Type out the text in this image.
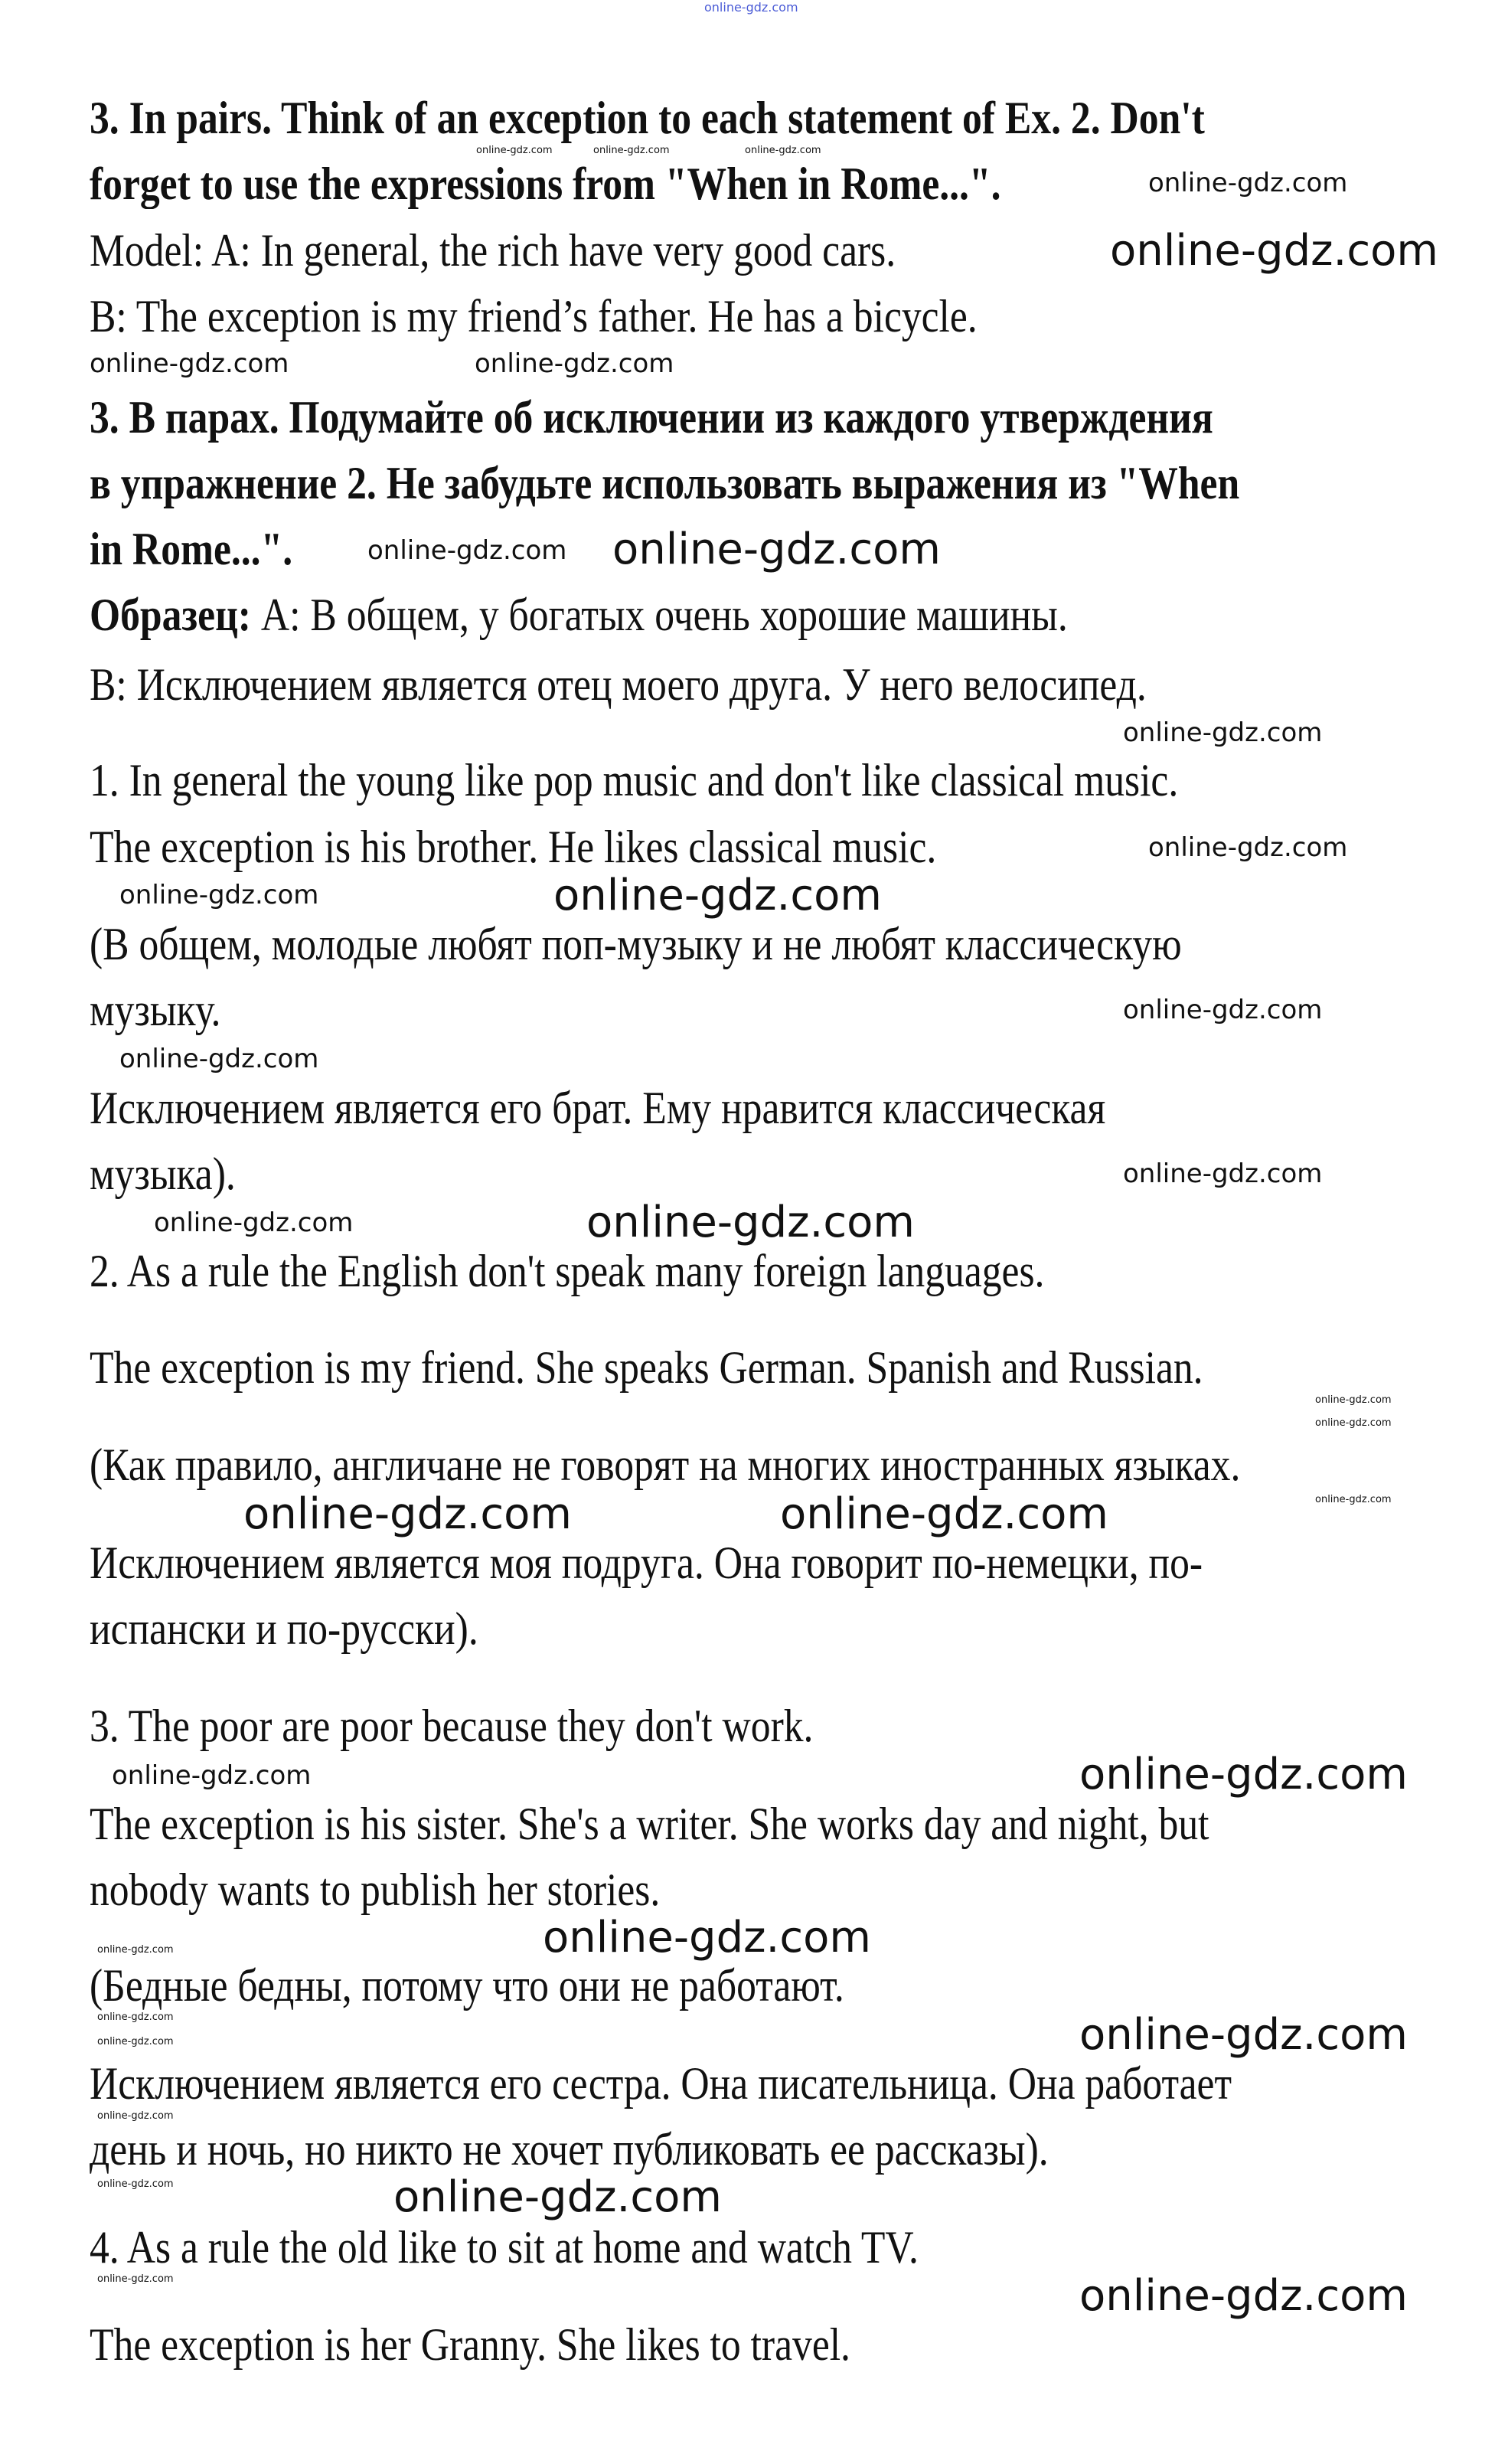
3. In pairs. Think of an exception to each statement of Ex. 2. Don't
forget to use the expressions from "When in Rome...".
Model: A: In general, the rich have very good cars.
B: The exception is my friend’s father. He has a bicycle.
3. В парах. Подумайте об исключении из каждого утверждения
в упражнение 2. Не забудьте использовать выражения из "When
in Rome...".
Образец: А: В общем, у богатых очень хорошие машины.
В: Исключением является отец моего друга. У него велосипед.
1. In general the young like pop music and don't like classical music.
The exception is his brother. He likes classical music.
(В общем, молодые любят поп-музыку и не любят классическую
музыку.
Исключением является его брат. Ему нравится классическая
музыка).
2. As a rule the English don't speak many foreign languages.
The exception is my friend. She speaks German. Spanish and Russian.
(Как правило, англичане не говорят на многих иностранных языках.
Исключением является моя подруга. Она говорит по-немецки, по-
испански и по-русски).
3. The poor are poor because they don't work.
The exception is his sister. She's a writer. She works day and night, but
nobody wants to publish her stories.
(Бедные бедны, потому что они не работают.
Исключением является его сестра. Она писательница. Она работает
день и ночь, но никто не хочет публиковать ее рассказы).
4. As a rule the old like to sit at home and watch TV.
The exception is her Granny. She likes to travel.
online-gdz.com
online-gdz.com	online-gdz.com	online-gdz.com
online-gdz.com
online-gdz.com
online-gdz.com
online-gdz.com
online-gdz.com
online-gdz.com
online-gdz.com
online-gdz.com
online-gdz.com	online-gdz.com
online-gdz.com
online-gdz.com
online-gdz.com
online-gdz.com	online-gdz.com
online-gdz.com
online-gdz.com
online-gdz.com
online-gdz.com	online-gdz.com
online-gdz.com
online-gdz.com
online-gdz.com
online-gdz.com
online-gdz.com	online-gdz.com
online-gdz.com
online-gdz.com
online-gdz.com	online-gdz.com
online-gdz.com	online-gdz.com
